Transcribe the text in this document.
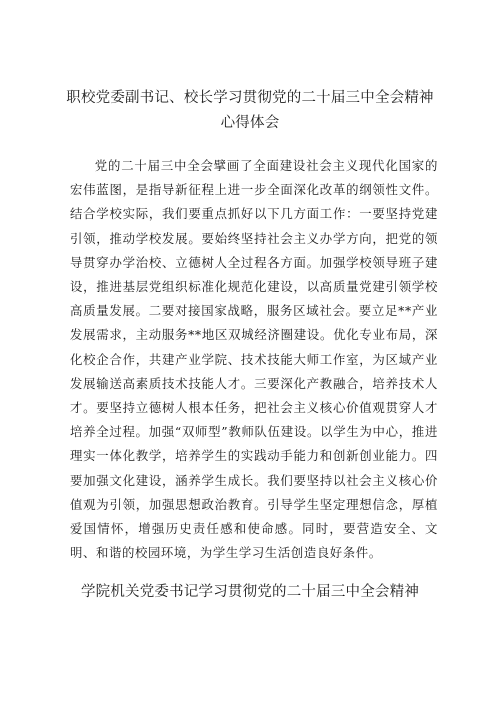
职校党委副书记、校长学习贯彻党的二十届三中全会精神心得体会

党的二十届三中全会擘画了全面建设社会主义现代化国家的宏伟蓝图，是指导新征程上进一步全面深化改革的纲领性文件。结合学校实际，我们要重点抓好以下几方面工作：一要坚持党建引领，推动学校发展。要始终坚持社会主义办学方向，把党的领导贯穿办学治校、立德树人全过程各方面。加强学校领导班子建设，推进基层党组织标准化规范化建设，以高质量党建引领学校高质量发展。二要对接国家战略，服务区域社会。要立足**产业发展需求，主动服务**地区双城经济圈建设。优化专业布局，深化校企合作，共建产业学院、技术技能大师工作室，为区域产业发展输送高素质技术技能人才。三要深化产教融合，培养技术人才。要坚持立德树人根本任务，把社会主义核心价值观贯穿人才培养全过程。加强“双师型”教师队伍建设。以学生为中心，推进理实一体化教学，培养学生的实践动手能力和创新创业能力。四要加强文化建设，涵养学生成长。我们要坚持以社会主义核心价值观为引领，加强思想政治教育。引导学生坚定理想信念，厚植爱国情怀，增强历史责任感和使命感。同时，要营造安全、文明、和谐的校园环境，为学生学习生活创造良好条件。

学院机关党委书记学习贯彻党的二十届三中全会精神
